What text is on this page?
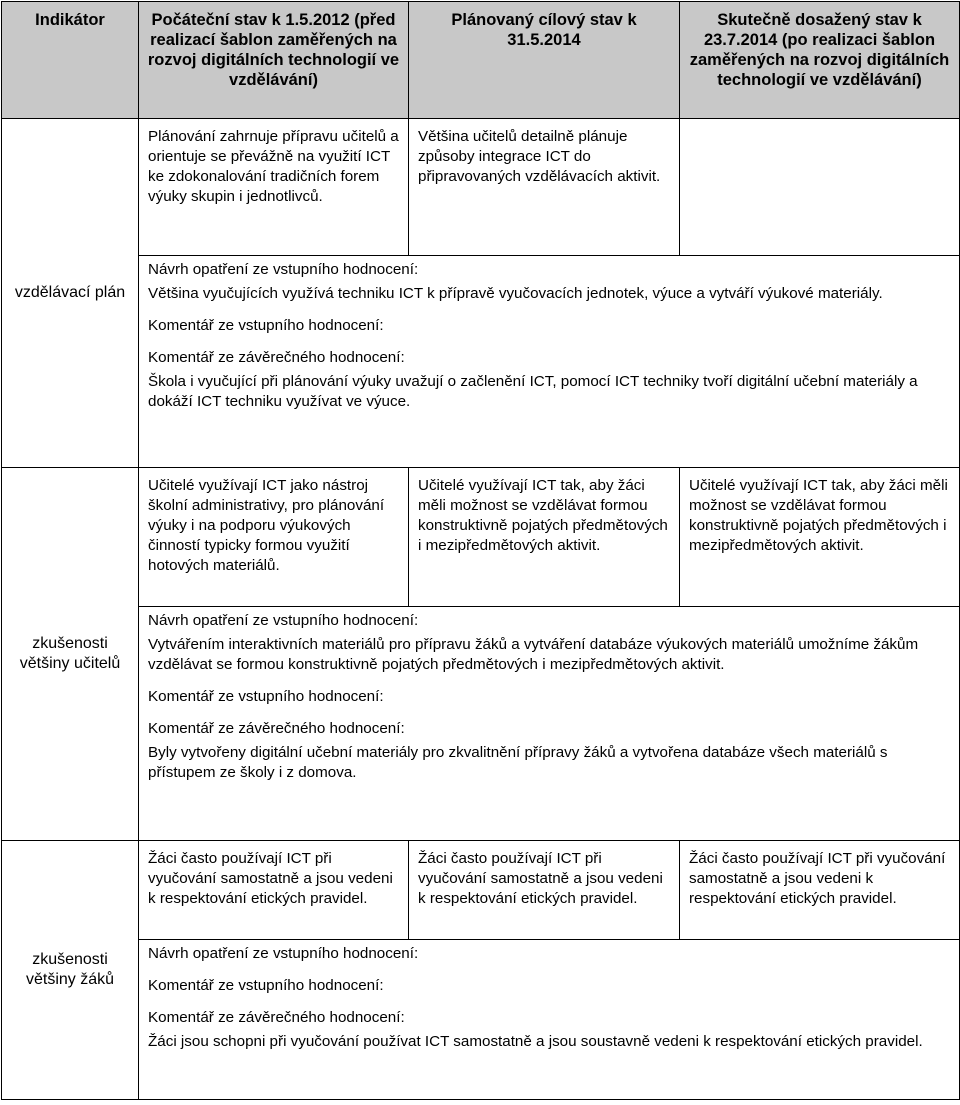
Indikátor	Počáteční stav k 1.5.2012 (před realizací šablon zaměřených na rozvoj digitálních technologií ve vzdělávání)	Plánovaný cílový stav k 31.5.2014	Skutečně dosažený stav k 23.7.2014 (po realizaci šablon zaměřených na rozvoj digitálních technologií ve vzdělávání)
vzdělávací plán	Plánování zahrnuje přípravu učitelů a orientuje se převážně na využití ICT ke zdokonalování tradičních forem výuky skupin i jednotlivců.	Většina učitelů detailně plánuje způsoby integrace ICT do připravovaných vzdělávacích aktivit.	

	Návrh opatření ze vstupního hodnocení:
Většina vyučujících využívá techniku ICT k přípravě vyučovacích jednotek, výuce a vytváří výukové materiály.
Komentář ze vstupního hodnocení:
Komentář ze závěrečného hodnocení:
Škola i vyučující při plánování výuky uvažují o začlenění ICT, pomocí ICT techniky tvoří digitální učební materiály a dokáží ICT techniku využívat ve výuce.		

zkušenosti většiny učitelů	Učitelé využívají ICT jako nástroj školní administrativy, pro plánování výuky i na podporu výukových činností typicky formou využití hotových materiálů.	Učitelé využívají ICT tak, aby žáci měli možnost se vzdělávat formou konstruktivně pojatých předmětových i mezipředmětových aktivit.	Učitelé využívají ICT tak, aby žáci měli možnost se vzdělávat formou konstruktivně pojatých předmětových i mezipředmětových aktivit.

	Návrh opatření ze vstupního hodnocení:
Vytvářením interaktivních materiálů pro přípravu žáků a vytváření databáze výukových materiálů umožníme žákům vzdělávat se formou konstruktivně pojatých předmětových i mezipředmětových aktivit.
Komentář ze vstupního hodnocení:
Komentář ze závěrečného hodnocení:
Byly vytvořeny digitální učební materiály pro zkvalitnění přípravy žáků a vytvořena databáze všech materiálů s přístupem ze školy i z domova.		

zkušenosti většiny žáků	Žáci často používají ICT při vyučování samostatně a jsou vedeni k respektování etických pravidel.	Žáci často používají ICT při vyučování samostatně a jsou vedeni k respektování etických pravidel.	Žáci často používají ICT při vyučování samostatně a jsou vedeni k respektování etických pravidel.

	Návrh opatření ze vstupního hodnocení:
Komentář ze vstupního hodnocení:
Komentář ze závěrečného hodnocení:
Žáci jsou schopni při vyučování používat ICT samostatně a jsou soustavně vedeni k respektování etických pravidel.		
